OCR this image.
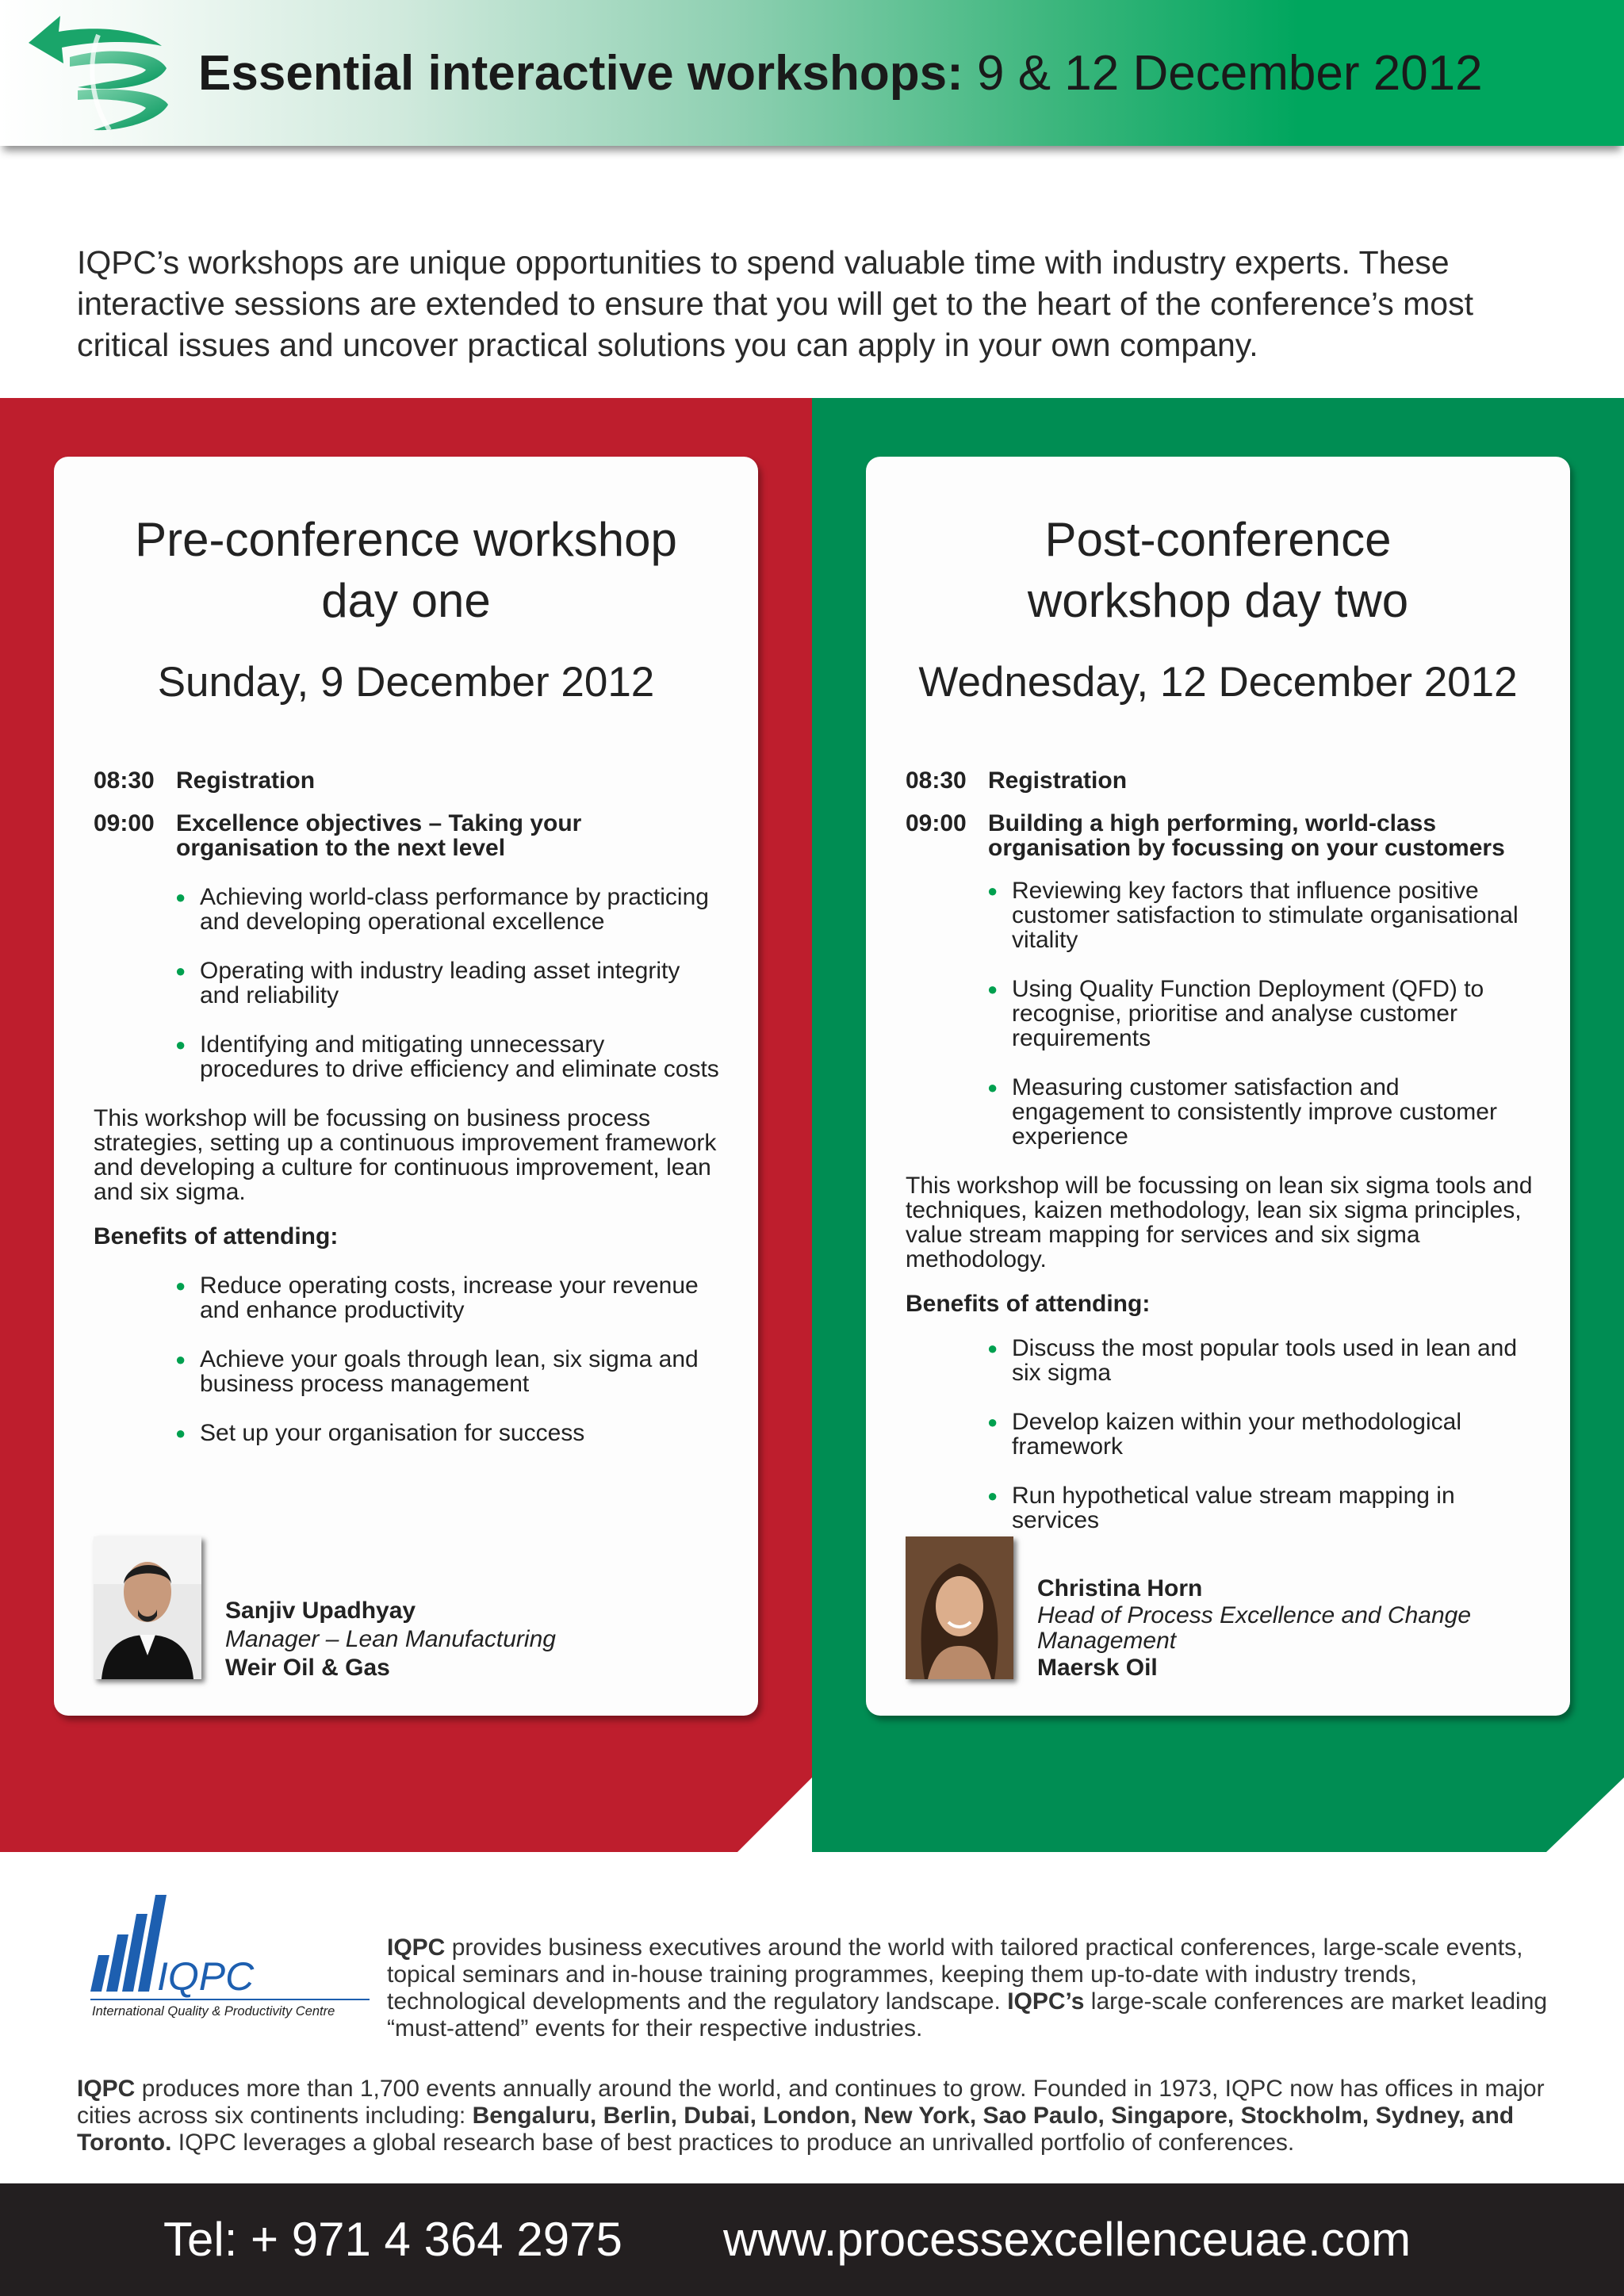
Essential interactive workshops: 9 & 12 December 2012

IQPC’s workshops are unique opportunities to spend valuable time with industry experts. These interactive sessions are extended to ensure that you will get to the heart of the conference’s most critical issues and uncover practical solutions you can apply in your own company.

Pre-conference workshop day one
Sunday, 9 December 2012
08:30 Registration
09:00 Excellence objectives – Taking your organisation to the next level
● Achieving world-class performance by practicing and developing operational excellence
● Operating with industry leading asset integrity and reliability
● Identifying and mitigating unnecessary procedures to drive efficiency and eliminate costs

This workshop will be focussing on business process strategies, setting up a continuous improvement framework and developing a culture for continuous improvement, lean and six sigma.

Benefits of attending:

● Reduce operating costs, increase your revenue and enhance productivity
● Achieve your goals through lean, six sigma and business process management
● Set up your organisation for success
Sanjiv Upadhyay
Manager – Lean Manufacturing
Weir Oil & Gas
Post-conference workshop day two
Wednesday, 12 December 2012
08:30 Registration
09:00 Building a high performing, world-class organisation by focussing on your customers
● Reviewing key factors that influence positive customer satisfaction to stimulate organisational vitality
● Using Quality Function Deployment (QFD) to recognise, prioritise and analyse customer requirements
● Measuring customer satisfaction and engagement to consistently improve customer experience

This workshop will be focussing on lean six sigma tools and techniques, kaizen methodology, lean six sigma principles, value stream mapping for services and six sigma methodology.

Benefits of attending:

● Discuss the most popular tools used in lean and six sigma
● Develop kaizen within your methodological framework
● Run hypothetical value stream mapping in services
Christina Horn
Head of Process Excellence and Change Management
Maersk Oil
IQPC
International Quality & Productivity Centre

IQPC provides business executives around the world with tailored practical conferences, large-scale events, topical seminars and in-house training programmes, keeping them up-to-date with industry trends, technological developments and the regulatory landscape. IQPC’s large-scale conferences are market leading “must-attend” events for their respective industries.

IQPC produces more than 1,700 events annually around the world, and continues to grow. Founded in 1973, IQPC now has offices in major cities across six continents including: Bengaluru, Berlin, Dubai, London, New York, Sao Paulo, Singapore, Stockholm, Sydney, and Toronto. IQPC leverages a global research base of best practices to produce an unrivalled portfolio of conferences.

Tel: + 971 4 364 2975 www.processexcellenceuae.com
